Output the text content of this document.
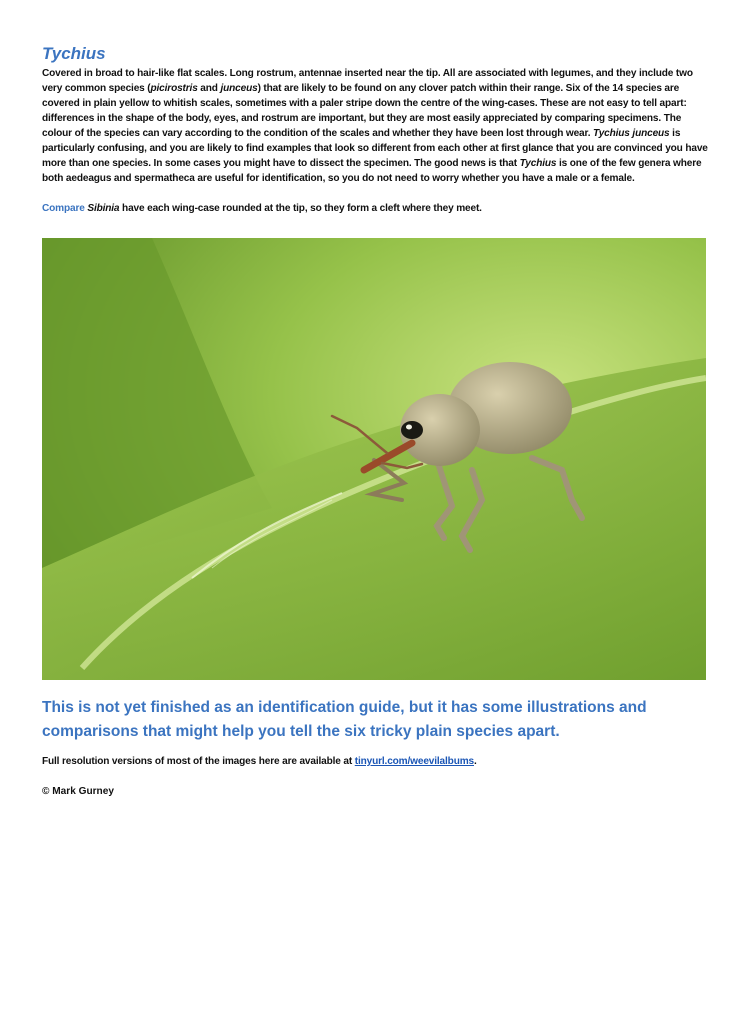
Tychius
Covered in broad to hair-like flat scales. Long rostrum, antennae inserted near the tip. All are associated with legumes, and they include two very common species (picirostris and junceus) that are likely to be found on any clover patch within their range. Six of the 14 species are covered in plain yellow to whitish scales, sometimes with a paler stripe down the centre of the wing-cases. These are not easy to tell apart: differences in the shape of the body, eyes, and rostrum are important, but they are most easily appreciated by comparing specimens. The colour of the species can vary according to the condition of the scales and whether they have been lost through wear. Tychius junceus is particularly confusing, and you are likely to find examples that look so different from each other at first glance that you are convinced you have more than one species. In some cases you might have to dissect the specimen. The good news is that Tychius is one of the few genera where both aedeagus and spermatheca are useful for identification, so you do not need to worry whether you have a male or a female.
Compare Sibinia have each wing-case rounded at the tip, so they form a cleft where they meet.
This is not yet finished as an identification guide, but it has some illustrations and comparisons that might help you tell the six tricky plain species apart.
Full resolution versions of most of the images here are available at tinyurl.com/weevilalbums.
© Mark Gurney
